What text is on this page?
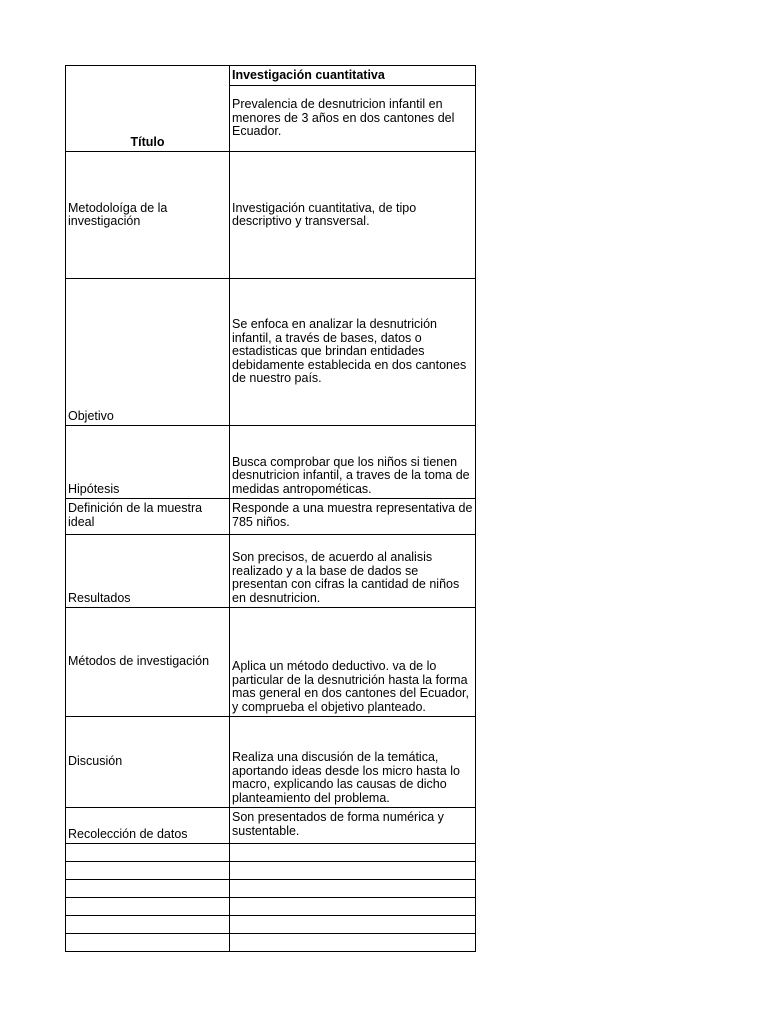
Título	Investigación cuantitativa
	Prevalencia de desnutricion infantil en menores de 3 años en dos cantones del Ecuador.
Metodoloíga de la investigación	Investigación cuantitativa, de tipo descriptivo y transversal.
Objetivo	Se enfoca en analizar la desnutrición infantil, a través de bases, datos o estadisticas que brindan entidades debidamente establecida en dos cantones de nuestro país.
Hipótesis	Busca comprobar que los niños si tienen desnutricion infantil, a traves de la toma de medidas antropométicas.
Definición de la muestra ideal	Responde a una muestra representativa de 785 niños.
Resultados	Son precisos, de acuerdo al analisis realizado y a la base de dados se presentan con cifras la cantidad de niños en desnutricion.
Métodos de investigación	Aplica un método deductivo. va de lo particular de la desnutrición hasta la forma mas general en dos cantones del Ecuador, y comprueba el objetivo planteado.
Discusión	Realiza una discusión de la temática, aportando ideas desde los micro hasta lo macro, explicando las causas de dicho planteamiento del problema.
Recolección de datos	Son presentados de forma numérica y sustentable.
